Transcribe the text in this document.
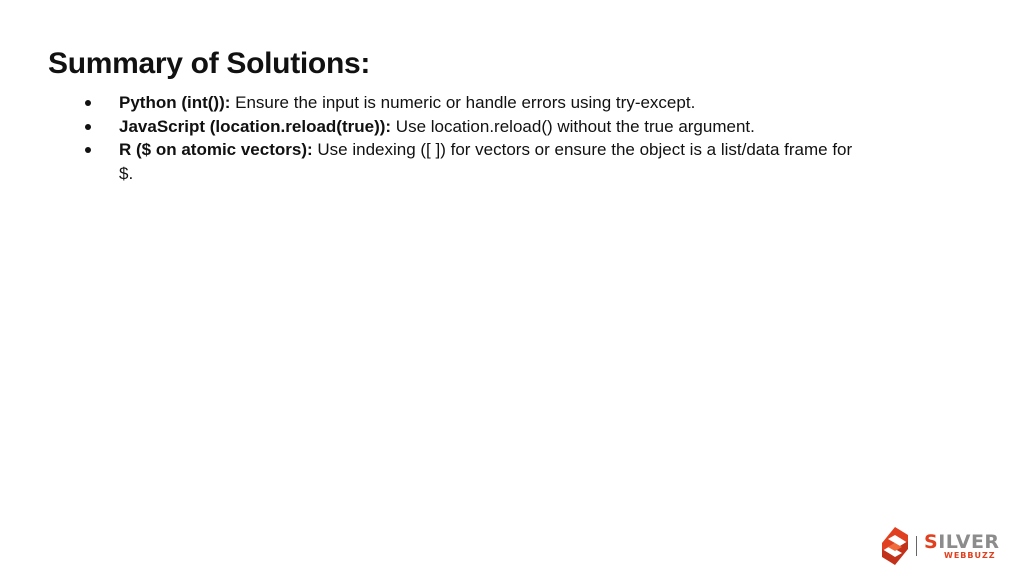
Summary of Solutions:
Python (int()): Ensure the input is numeric or handle errors using try-except.
JavaScript (location.reload(true)): Use location.reload() without the true argument.
R ($ on atomic vectors): Use indexing ([ ]) for vectors or ensure the object is a list/data frame for $.
SILVER
WEBBUZZ
